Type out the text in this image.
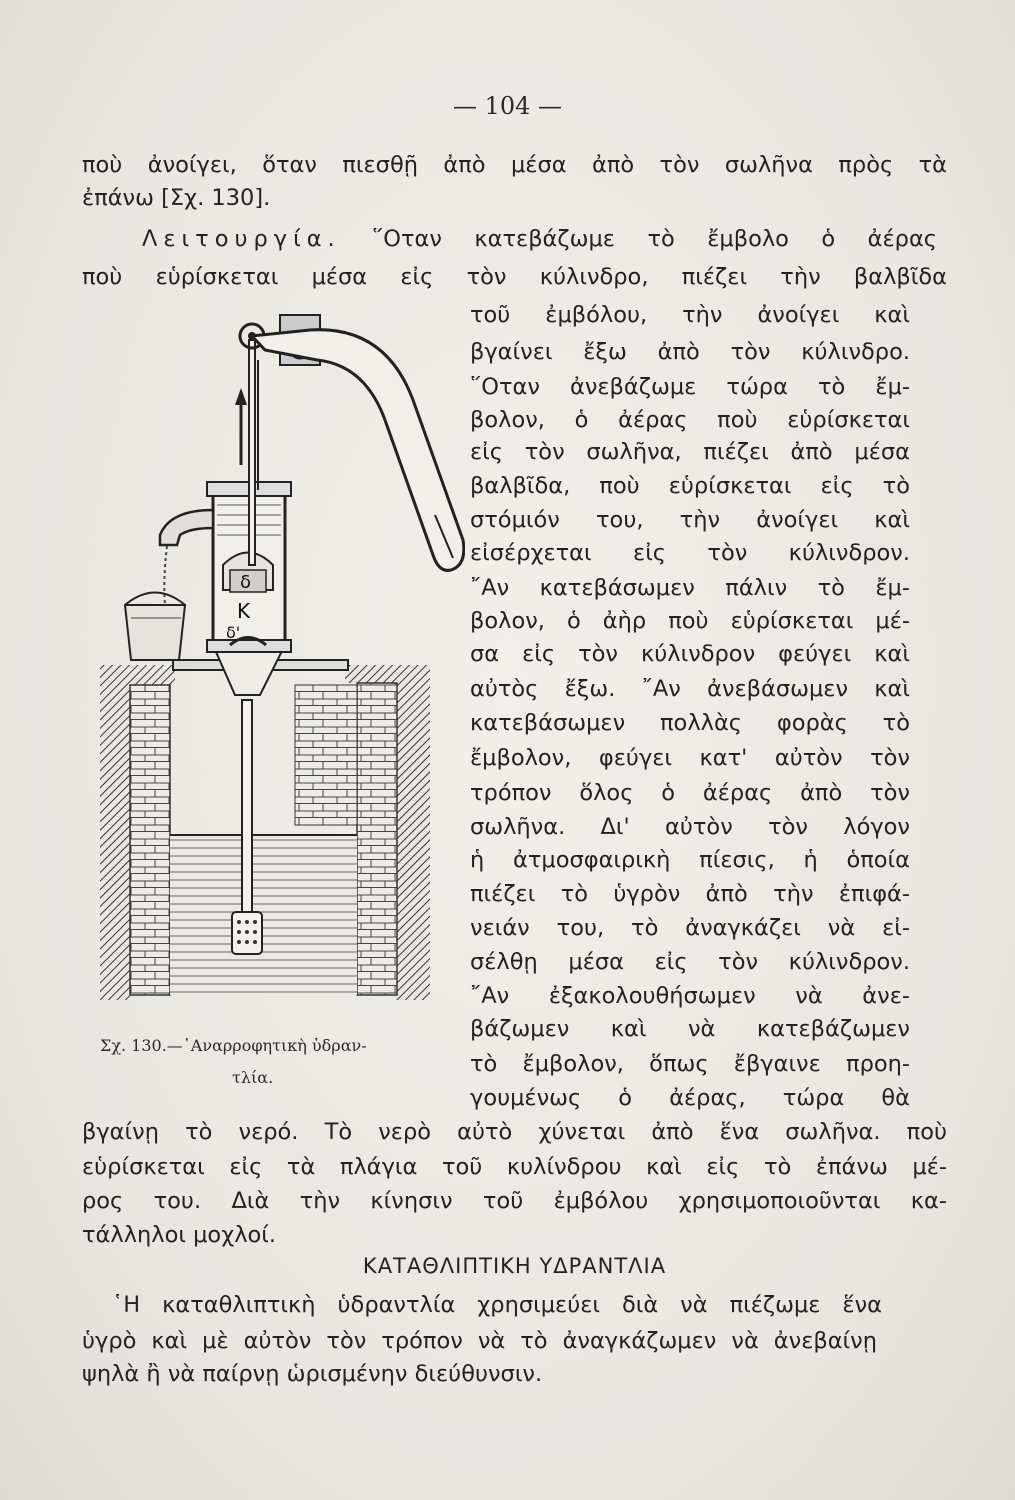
— 104 —
ποὺ ἀνοίγει, ὅταν πιεσθῇ ἀπὸ μέσα ἀπὸ τὸν σωλῆνα πρὸς τὰ
ἐπάνω [Σχ. 130].
Λειτουργία. ῞Οταν κατεβάζωμε τὸ ἔμβολο ὁ ἀέρας
ποὺ εὑρίσκεται μέσα εἰς τὸν κύλινδρο, πιέζει τὴν βαλβῖδα
τοῦ ἐμβόλου, τὴν ἀνοίγει καὶ
βγαίνει ἔξω ἀπὸ τὸν κύλινδρο.
῞Οταν ἀνεβάζωμε τώρα τὸ ἔμ-
βολον, ὁ ἀέρας ποὺ εὑρίσκεται
εἰς τὸν σωλῆνα, πιέζει ἀπὸ μέσα
βαλβῖδα, ποὺ εὑρίσκεται εἰς τὸ
στόμιόν του, τὴν ἀνοίγει καὶ
εἰσέρχεται εἰς τὸν κύλινδρον.
῎Αν κατεβάσωμεν πάλιν τὸ ἔμ-
βολον, ὁ ἀὴρ ποὺ εὑρίσκεται μέ-
σα εἰς τὸν κύλινδρον φεύγει καὶ
αὐτὸς ἔξω. ῎Αν ἀνεβάσωμεν καὶ
κατεβάσωμεν πολλὰς φορὰς τὸ
ἔμβολον, φεύγει κατ' αὐτὸν τὸν
τρόπον ὅλος ὁ ἀέρας ἀπὸ τὸν
σωλῆνα. Δι' αὐτὸν τὸν λόγον
ἡ ἀτμοσφαιρικὴ πίεσις, ἡ ὁποία
πιέζει τὸ ὑγρὸν ἀπὸ τὴν ἐπιφά-
νειάν του, τὸ ἀναγκάζει νὰ εἰ-
σέλθῃ μέσα εἰς τὸν κύλινδρον.
῎Αν ἐξακολουθήσωμεν νὰ ἀνε-
βάζωμεν καὶ νὰ κατεβάζωμεν
τὸ ἔμβολον, ὅπως ἔβγαινε προη-
γουμένως ὁ ἀέρας, τώρα θὰ
Σχ. 130.—᾽Αναρροφητικὴ ὑδραν-
τλία.
βγαίνῃ τὸ νερό. Τὸ νερὸ αὐτὸ χύνεται ἀπὸ ἕνα σωλῆνα. ποὺ
εὑρίσκεται εἰς τὰ πλάγια τοῦ κυλίνδρου καὶ εἰς τὸ ἐπάνω μέ-
ρος του. Διὰ τὴν κίνησιν τοῦ ἐμβόλου χρησιμοποιοῦνται κα-
τάλληλοι μοχλοί.
ΚΑΤΑΘΛΙΠΤΙΚΗ ΥΔΡΑΝΤΛΙΑ
῾Η καταθλιπτικὴ ὑδραντλία χρησιμεύει διὰ νὰ πιέζωμε ἕνα
ὑγρὸ καὶ μὲ αὐτὸν τὸν τρόπον νὰ τὸ ἀναγκάζωμεν νὰ ἀνεβαίνῃ
ψηλὰ ἢ νὰ παίρνῃ ὡρισμένην διεύθυνσιν.
δ
Κ
δ'
